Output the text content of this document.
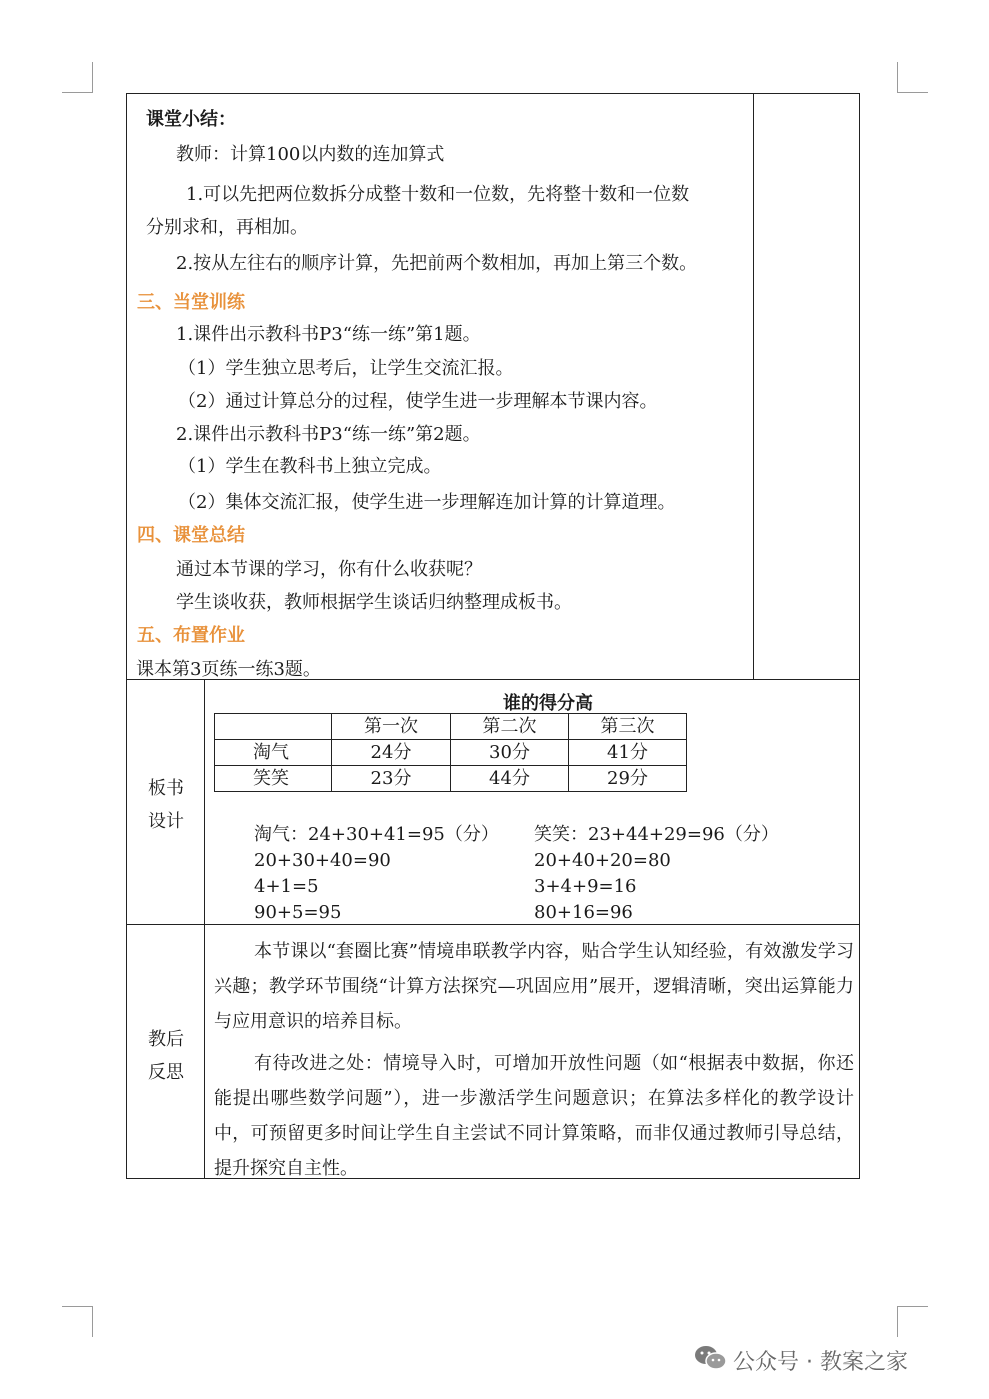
课堂小结：
教师：计算100以内数的连加算式
1.可以先把两位数拆分成整十数和一位数，先将整十数和一位数
分别求和，再相加。
2.按从左往右的顺序计算，先把前两个数相加，再加上第三个数。
三、当堂训练
1.课件出示教科书P3“练一练”第1题。
（1）学生独立思考后，让学生交流汇报。
（2）通过计算总分的过程，使学生进一步理解本节课内容。
2.课件出示教科书P3“练一练”第2题。
（1）学生在教科书上独立完成。
（2）集体交流汇报，使学生进一步理解连加计算的计算道理。
四、课堂总结
通过本节课的学习，你有什么收获呢？
学生谈收获，教师根据学生谈话归纳整理成板书。
五、布置作业
课本第3页练一练3题。
板书
设计
谁的得分高
	第一次	第二次	第三次
淘气	24分	30分	41分
笑笑	23分	44分	29分
淘气：24+30+41=95（分）
20+30+40=90
4+1=5
90+5=95
笑笑：23+44+29=96（分）
20+40+20=80
3+4+9=16
80+16=96
教后
反思
本节课以“套圈比赛”情境串联教学内容，贴合学生认知经验，有效激发学习兴趣；教学环节围绕“计算方法探究—巩固应用”展开，逻辑清晰，突出运算能力与应用意识的培养目标。
有待改进之处：情境导入时，可增加开放性问题（如“根据表中数据，你还能提出哪些数学问题”），进一步激活学生问题意识；在算法多样化的教学设计中，可预留更多时间让学生自主尝试不同计算策略，而非仅通过教师引导总结，提升探究自主性。
公众号 · 教案之家
